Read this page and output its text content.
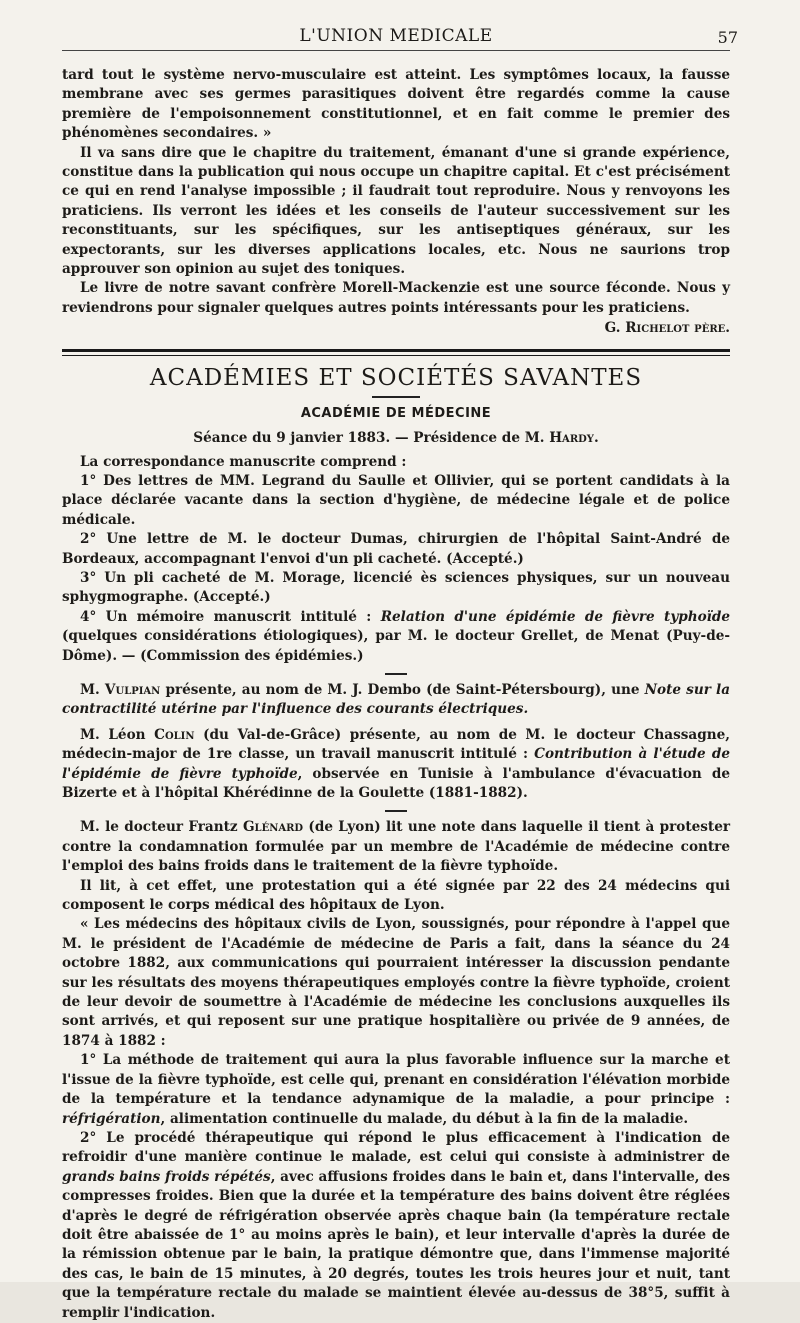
L'UNION MEDICALE	57

tard tout le système nervo-musculaire est atteint. Les symptômes locaux, la fausse membrane avec ses germes parasitiques doivent être regardés comme la cause première de l'empoisonnement constitutionnel, et en fait comme le premier des phénomènes secondaires. »

Il va sans dire que le chapitre du traitement, émanant d'une si grande expérience, constitue dans la publication qui nous occupe un chapitre capital. Et c'est précisément ce qui en rend l'analyse impossible ; il faudrait tout reproduire. Nous y renvoyons les praticiens. Ils verront les idées et les conseils de l'auteur successivement sur les reconstituants, sur les spécifiques, sur les antiseptiques généraux, sur les expectorants, sur les diverses applications locales, etc. Nous ne saurions trop approuver son opinion au sujet des toniques.

Le livre de notre savant confrère Morell-Mackenzie est une source féconde. Nous y reviendrons pour signaler quelques autres points intéressants pour les praticiens.

G. Richelot père.

ACADÉMIES ET SOCIÉTÉS SAVANTES
ACADÉMIE DE MÉDECINE
Séance du 9 janvier 1883. — Présidence de M. Hardy.

La correspondance manuscrite comprend :

1° Des lettres de MM. Legrand du Saulle et Ollivier, qui se portent candidats à la place déclarée vacante dans la section d'hygiène, de médecine légale et de police médicale.

2° Une lettre de M. le docteur Dumas, chirurgien de l'hôpital Saint-André de Bordeaux, accompagnant l'envoi d'un pli cacheté. (Accepté.)

3° Un pli cacheté de M. Morage, licencié ès sciences physiques, sur un nouveau sphygmographe. (Accepté.)

4° Un mémoire manuscrit intitulé : Relation d'une épidémie de fièvre typhoïde (quelques considérations étiologiques), par M. le docteur Grellet, de Menat (Puy-de-Dôme). — (Commission des épidémies.)

M. Vulpian présente, au nom de M. J. Dembo (de Saint-Pétersbourg), une Note sur la contractilité utérine par l'influence des courants électriques.

M. Léon Colin (du Val-de-Grâce) présente, au nom de M. le docteur Chassagne, médecin-major de 1re classe, un travail manuscrit intitulé : Contribution à l'étude de l'épidémie de fièvre typhoïde, observée en Tunisie à l'ambulance d'évacuation de Bizerte et à l'hôpital Khérédinne de la Goulette (1881-1882).

M. le docteur Frantz Glénard (de Lyon) lit une note dans laquelle il tient à protester contre la condamnation formulée par un membre de l'Académie de médecine contre l'emploi des bains froids dans le traitement de la fièvre typhoïde.

Il lit, à cet effet, une protestation qui a été signée par 22 des 24 médecins qui composent le corps médical des hôpitaux de Lyon.

« Les médecins des hôpitaux civils de Lyon, soussignés, pour répondre à l'appel que M. le président de l'Académie de médecine de Paris a fait, dans la séance du 24 octobre 1882, aux communications qui pourraient intéresser la discussion pendante sur les résultats des moyens thérapeutiques employés contre la fièvre typhoïde, croient de leur devoir de soumettre à l'Académie de médecine les conclusions auxquelles ils sont arrivés, et qui reposent sur une pratique hospitalière ou privée de 9 années, de 1874 à 1882 :

1° La méthode de traitement qui aura la plus favorable influence sur la marche et l'issue de la fièvre typhoïde, est celle qui, prenant en considération l'élévation morbide de la température et la tendance adynamique de la maladie, a pour principe : réfrigération, alimentation continuelle du malade, du début à la fin de la maladie.

2° Le procédé thérapeutique qui répond le plus efficacement à l'indication de refroidir d'une manière continue le malade, est celui qui consiste à administrer de grands bains froids répétés, avec affusions froides dans le bain et, dans l'intervalle, des compresses froides. Bien que la durée et la température des bains doivent être réglées d'après le degré de réfrigération observée après chaque bain (la température rectale doit être abaissée de 1° au moins après le bain), et leur intervalle d'après la durée de la rémission obtenue par le bain, la pratique démontre que, dans l'immense majorité des cas, le bain de 15 minutes, à 20 degrés, toutes les trois heures jour et nuit, tant que la température rectale du malade se maintient élevée au-dessus de 38°5, suffit à remplir l'indication.
